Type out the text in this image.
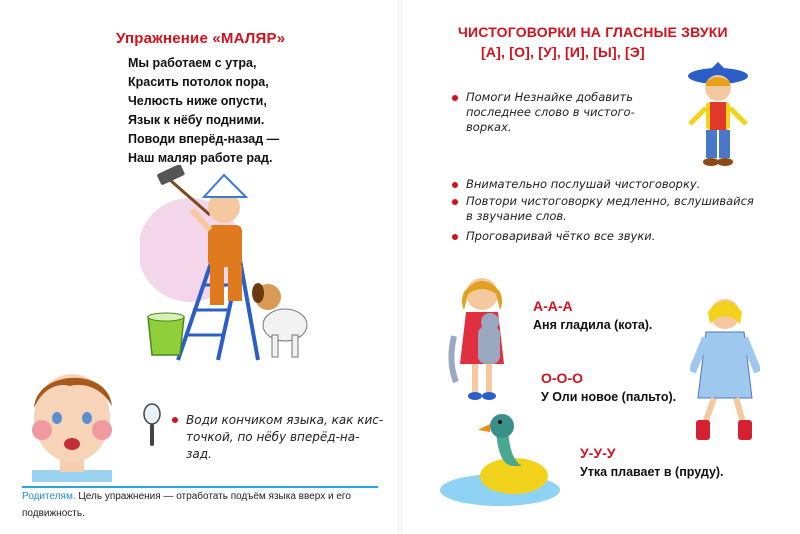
Упражнение «МАЛЯР»
Мы работаем с утра,
Красить потолок пора,
Челюсть ниже опусти,
Язык к нёбу подними.
Поводи вперёд-назад —
Наш маляр работе рад.
Води кончиком языка, как кис-
точкой, по нёбу вперёд-на-
зад.
Родителям. Цель упражнения — отработать подъём языка вверх и его
подвижность.
ЧИСТОГОВОРКИ НА ГЛАСНЫЕ ЗВУКИ
[А], [О], [У], [И], [Ы], [Э]
Помоги Незнайке добавить
последнее слово в чистого-
ворках.
Внимательно послушай чистоговорку.
Повтори чистоговорку медленно, вслушивайся
в звучание слов.
Проговаривай чётко все звуки.
А-А-А
Аня гладила (кота).
О-О-О
У Оли новое (пальто).
У-У-У
Утка плавает в (пруду).
